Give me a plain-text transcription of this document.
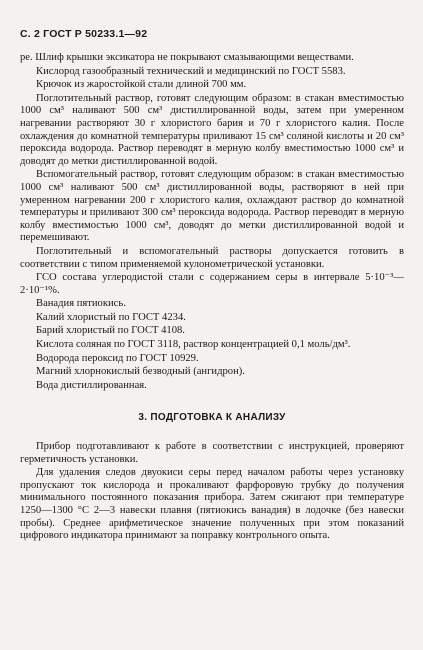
С. 2 ГОСТ Р 50233.1—92

ре. Шлиф крышки эксикатора не покрывают смазывающими веществами.

Кислород газообразный технический и медицинский по ГОСТ 5583.

Крючок из жаростойкой стали длиной 700 мм.

Поглотительный раствор, готовят следующим образом: в стакан вместимостью 1000 см³ наливают 500 см³ дистиллированной воды, затем при умеренном нагревании растворяют 30 г хлористого бария и 70 г хлористого калия. После охлаждения до комнатной температуры приливают 15 см³ соляной кислоты и 20 см³ пероксида водорода. Раствор переводят в мерную колбу вместимостью 1000 см³ и доводят до метки дистиллированной водой.

Вспомогательный раствор, готовят следующим образом: в стакан вместимостью 1000 см³ наливают 500 см³ дистиллированной воды, растворяют в ней при умеренном нагревании 200 г хлористого калия, охлаждают раствор до комнатной температуры и приливают 300 см³ пероксида водорода. Раствор переводят в мерную колбу вместимостью 1000 см³, доводят до метки дистиллированной водой и перемешивают.

Поглотительный и вспомогательный растворы допускается готовить в соответствии с типом применяемой кулонометрической установки.

ГСО состава углеродистой стали с содержанием серы в интервале 5·10⁻³—2·10⁻¹%.

Ванадия пятиокись.

Калий хлористый по ГОСТ 4234.

Барий хлористый по ГОСТ 4108.

Кислота соляная по ГОСТ 3118, раствор концентрацией 0,1 моль/дм³.

Водорода пероксид по ГОСТ 10929.

Магний хлорнокислый безводный (ангидрон).

Вода дистиллированная.

3. ПОДГОТОВКА К АНАЛИЗУ

Прибор подготавливают к работе в соответствии с инструкцией, проверяют герметичность установки.

Для удаления следов двуокиси серы перед началом работы через установку пропускают ток кислорода и прокаливают фарфоровую трубку до получения минимального постоянного показания прибора. Затем сжигают при температуре 1250—1300 °С 2—3 навески плавня (пятиокись ванадия) в лодочке (без навески пробы). Среднее арифметическое значение полученных при этом показаний цифрового индикатора принимают за поправку контрольного опыта.
